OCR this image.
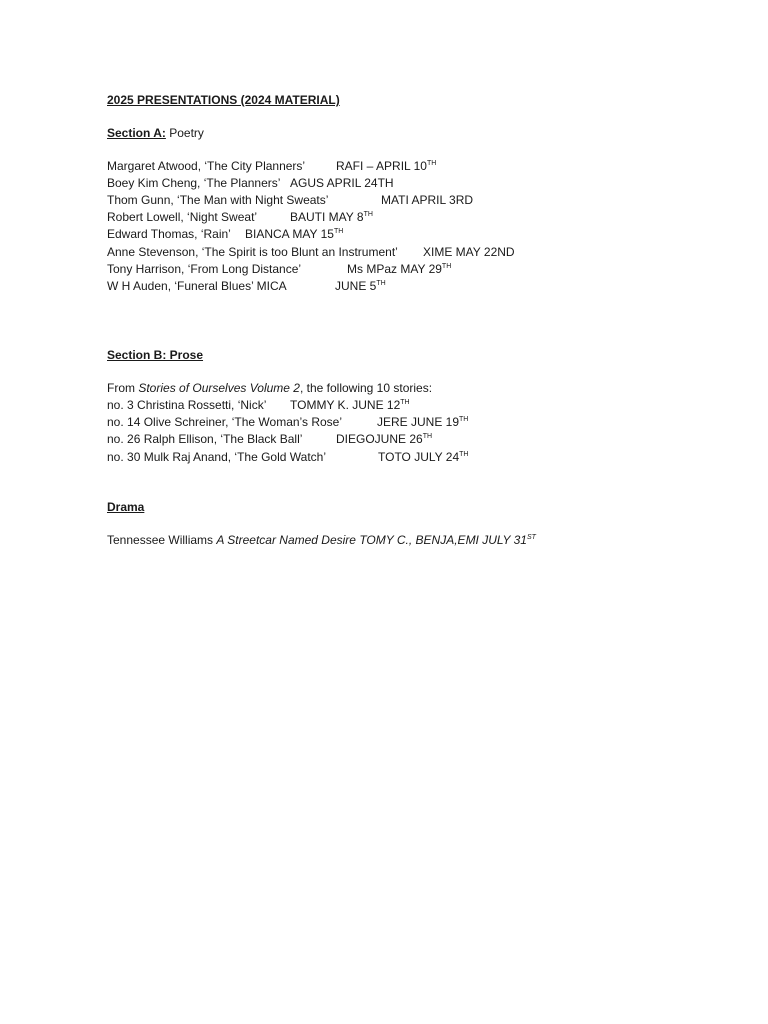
2025 PRESENTATIONS (2024 MATERIAL)
Section A: Poetry
Margaret Atwood, ‘The City Planners’	RAFI – APRIL 10TH
Boey Kim Cheng, ‘The Planners’ AGUS APRIL 24TH
Thom Gunn, ‘The Man with Night Sweats’	MATI APRIL 3RD
Robert Lowell, ‘Night Sweat’	BAUTI MAY 8TH
Edward Thomas, ‘Rain’ BIANCA MAY 15TH
Anne Stevenson, ‘The Spirit is too Blunt an Instrument’ XIME MAY 22ND
Tony Harrison, ‘From Long Distance’	Ms MPaz MAY 29TH
W H Auden, ‘Funeral Blues’ MICA	JUNE 5TH
Section B: Prose
From Stories of Ourselves Volume 2, the following 10 stories:
no. 3 Christina Rossetti, ‘Nick’ TOMMY K. JUNE 12TH
no. 14 Olive Schreiner, ‘The Woman’s Rose’	JERE JUNE 19TH
no. 26 Ralph Ellison, ‘The Black Ball’	DIEGOJUNE 26TH
no. 30 Mulk Raj Anand, ‘The Gold Watch’	TOTO JULY 24TH
Drama
Tennessee Williams A Streetcar Named Desire TOMY C., BENJA,EMI JULY 31ST
